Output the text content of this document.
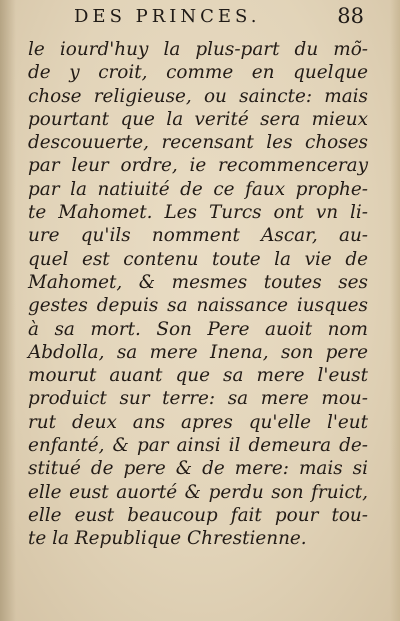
DES PRINCES.	88
le iourd'huy la plus-part du mõ-
de y croit, comme en quelque
chose religieuse, ou saincte: mais
pourtant que la verité sera mieux
descouuerte, recensant les choses
par leur ordre, ie recommenceray
par la natiuité de ce faux prophe-
te Mahomet. Les Turcs ont vn li-
ure qu'ils nomment Ascar, au-
quel est contenu toute la vie de
Mahomet, & mesmes toutes ses
gestes depuis sa naissance iusques
à sa mort. Son Pere auoit nom
Abdolla, sa mere Inena, son pere
mourut auant que sa mere l'eust
produict sur terre: sa mere mou-
rut deux ans apres qu'elle l'eut
enfanté, & par ainsi il demeura de-
stitué de pere & de mere: mais si
elle eust auorté & perdu son fruict,
elle eust beaucoup fait pour tou-
te la Republique Chrestienne.
